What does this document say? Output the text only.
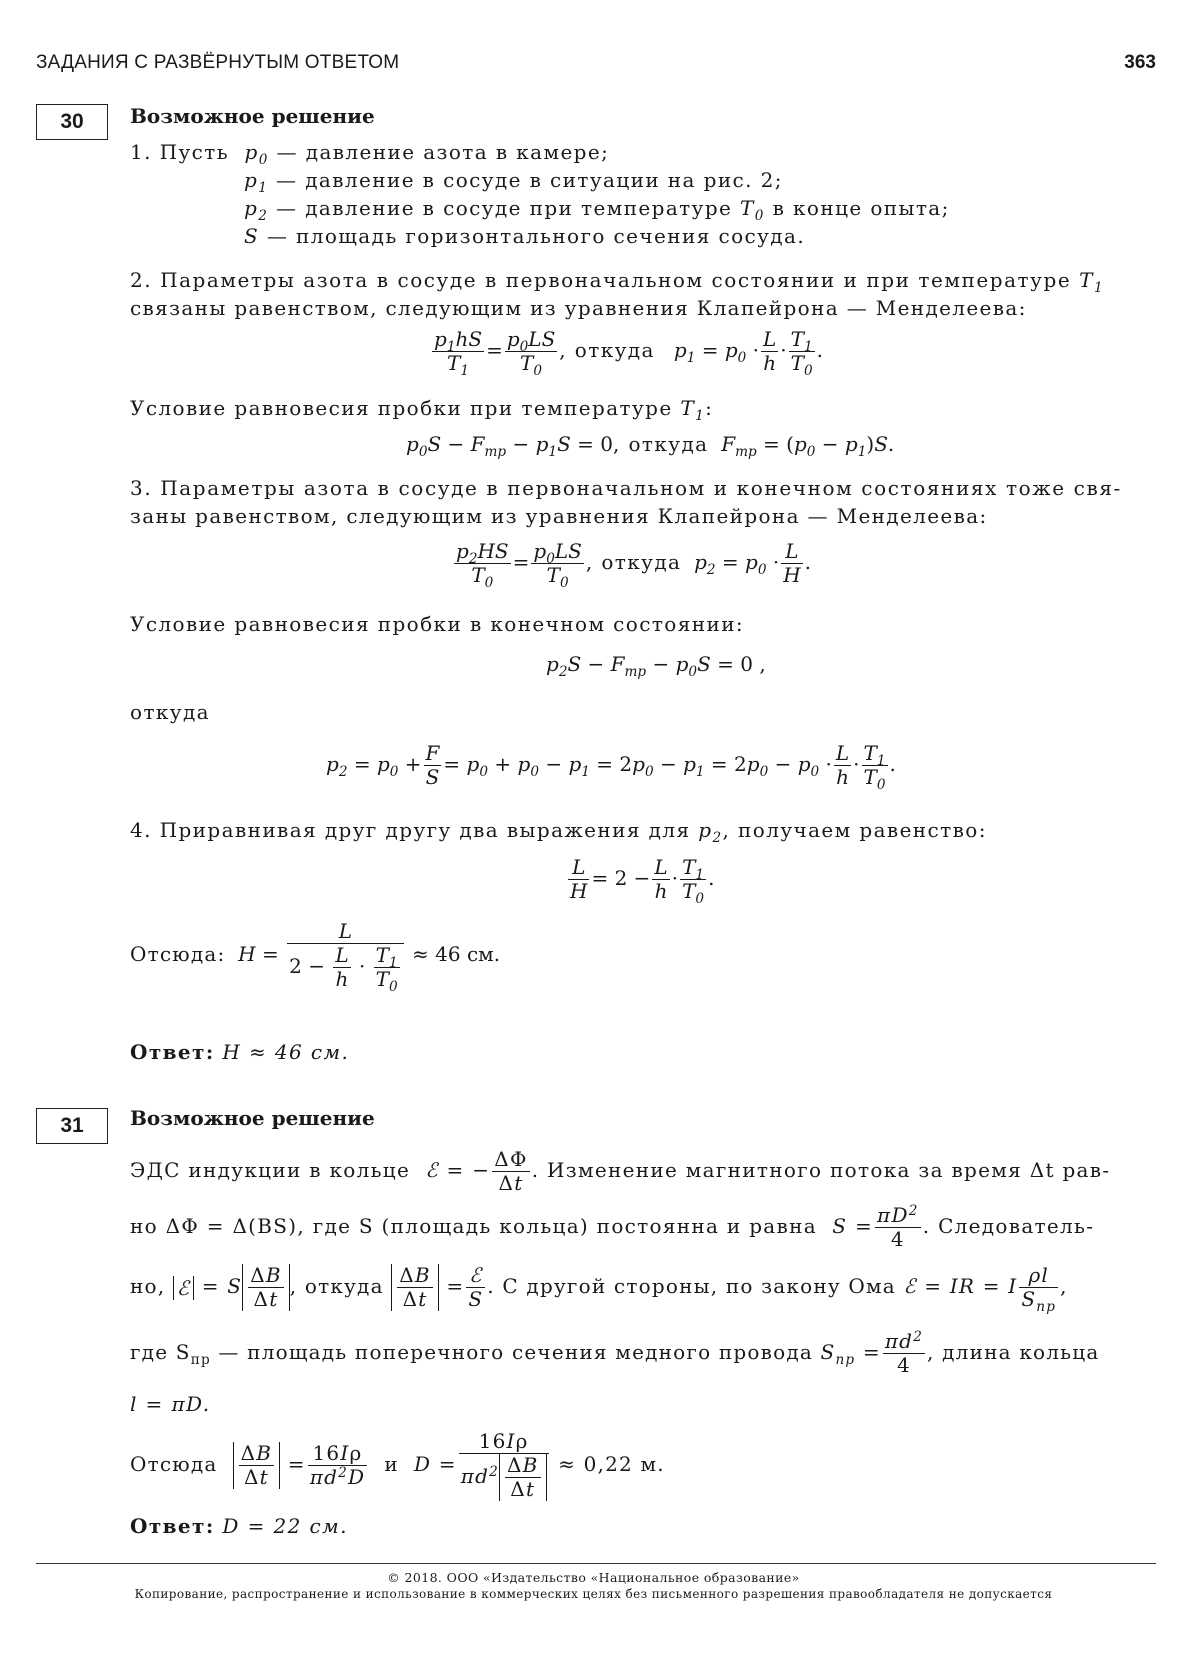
ЗАДАНИЯ С РАЗВЁРНУТЫМ ОТВЕТОМ	363
30	Возможное решение
1. Пусть  $p_0$ — давление азота в камере;
$p_1$ — давление в сосуде в ситуации на рис. 2;
$p_2$ — давление в сосуде при температуре $T_0$ в конце опыта;
S — площадь горизонтального сечения сосуда.
2. Параметры азота в сосуде в первоначальном состоянии и при температуре $T_1$
связаны равенством, следующим из уравнения Клапейрона — Менделеева:
$\frac{p_1hS}{T_1} = \frac{p_0LS}{T_0}$ , откуда $p_1 = p_0 \cdot \frac{L}{h} \cdot \frac{T_1}{T_0}$ .
Условие равновесия пробки при температуре $T_1$:
$p_0S - F_{тр} - p_1S = 0$, откуда $F_{тр} = (p_0 - p_1)S$.
3. Параметры азота в сосуде в первоначальном и конечном состояниях тоже свя-
заны равенством, следующим из уравнения Клапейрона — Менделеева:
$\frac{p_2HS}{T_0} = \frac{p_0LS}{T_0}$ , откуда $p_2 = p_0 \cdot \frac{L}{H}$ .
Условие равновесия пробки в конечном состоянии:
$p_2S - F_{тр} - p_0S = 0$ ,
откуда
$p_2 = p_0 + \frac{F}{S} = p_0 + p_0 - p_1 = 2p_0 - p_1 = 2p_0 - p_0 \cdot \frac{L}{h} \cdot \frac{T_1}{T_0}$ .
4. Приравнивая друг другу два выражения для $p_2$, получаем равенство:
$\frac{L}{H} = 2 - \frac{L}{h} \cdot \frac{T_1}{T_0}$ .
Отсюда: $H = \frac{L}{2 - \frac{L}{h} \cdot \frac{T_1}{T_0}} \approx 46$ см.
Ответ: H ≈ 46 см.
31	Возможное решение
ЭДС индукции в кольце ℰ = − $\frac{\Delta\Phi}{\Delta t}$ . Изменение магнитного потока за время Δt рав-
но ΔΦ = Δ(BS), где S (площадь кольца) постоянна и равна $S = \frac{\pi D^2}{4}$ . Следователь-
но, ℰ = S $\frac{\Delta B}{\Delta t}$ , откуда $\frac{\Delta B}{\Delta t} = \frac{\text{ℰ}}{S}$ . С другой стороны, по закону Ома ℰ = IR = I $\frac{\rho l}{S_{пр}}$ ,
где $S_{пр}$ — площадь поперечного сечения медного провода $S_{пр} = \frac{\pi d^2}{4}$ , длина кольца
l = πD.
Отсюда $\frac{\Delta B}{\Delta t} = \frac{16I\rho}{\pi d^2D}$ и $D = \frac{16I\rho}{\pi d^2 \frac{\Delta B}{\Delta t}} \approx 0,22$ м.
Ответ: D = 22 см.
© 2018. ООО «Издательство «Национальное образование»
Копирование, распространение и использование в коммерческих целях без письменного разрешения правообладателя не допускается
